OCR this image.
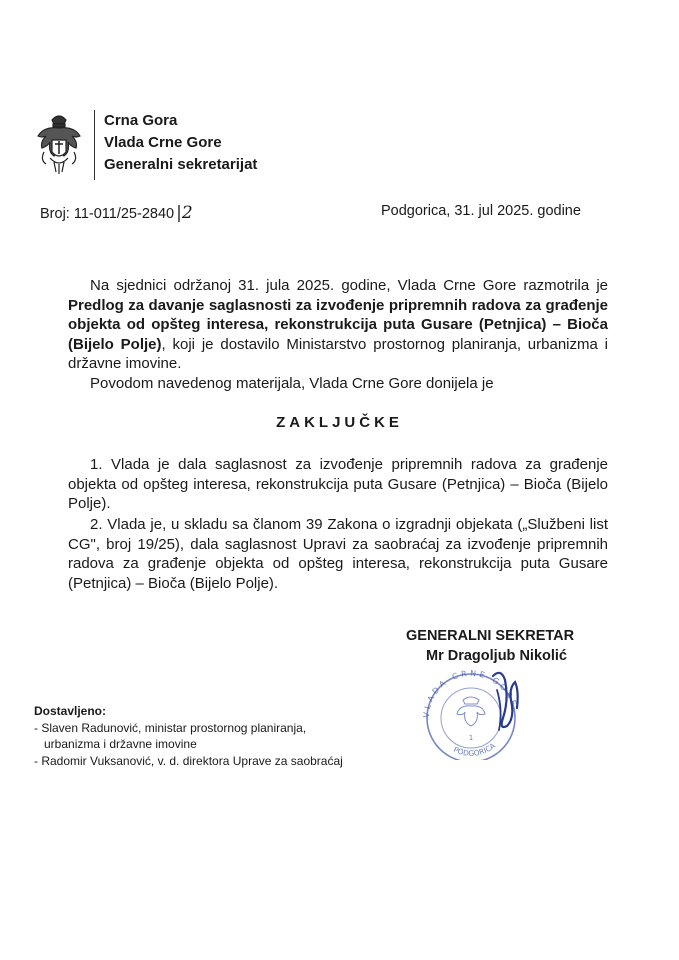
Crna Gora
Vlada Crne Gore
Generalni sekretarijat
Broj: 11-011/25-2840 |2	Podgorica, 31. jul 2025. godine
Na sjednici održanoj 31. jula 2025. godine, Vlada Crne Gore razmotrila je Predlog za davanje saglasnosti za izvođenje pripremnih radova za građenje objekta od opšteg interesa, rekonstrukcija puta Gusare (Petnjica) – Bioča (Bijelo Polje), koji je dostavilo Ministarstvo prostornog planiranja, urbanizma i državne imovine.
Povodom navedenog materijala, Vlada Crne Gore donijela je
ZAKLJUČKE
1. Vlada je dala saglasnost za izvođenje pripremnih radova za građenje objekta od opšteg interesa, rekonstrukcija puta Gusare (Petnjica) – Bioča (Bijelo Polje).
2. Vlada je, u skladu sa članom 39 Zakona o izgradnji objekata („Službeni list CG", broj 19/25), dala saglasnost Upravi za saobraćaj za izvođenje pripremnih radova za građenje objekta od opšteg interesa, rekonstrukcija puta Gusare (Petnjica) – Bioča (Bijelo Polje).
GENERALNI SEKRETAR
Mr Dragoljub Nikolić
VLADA CRNE GORE
PODGORICA
1
Dostavljeno:
- Slaven Radunović, ministar prostornog planiranja,
urbanizma i državne imovine
- Radomir Vuksanović, v. d. direktora Uprave za saobraćaj
